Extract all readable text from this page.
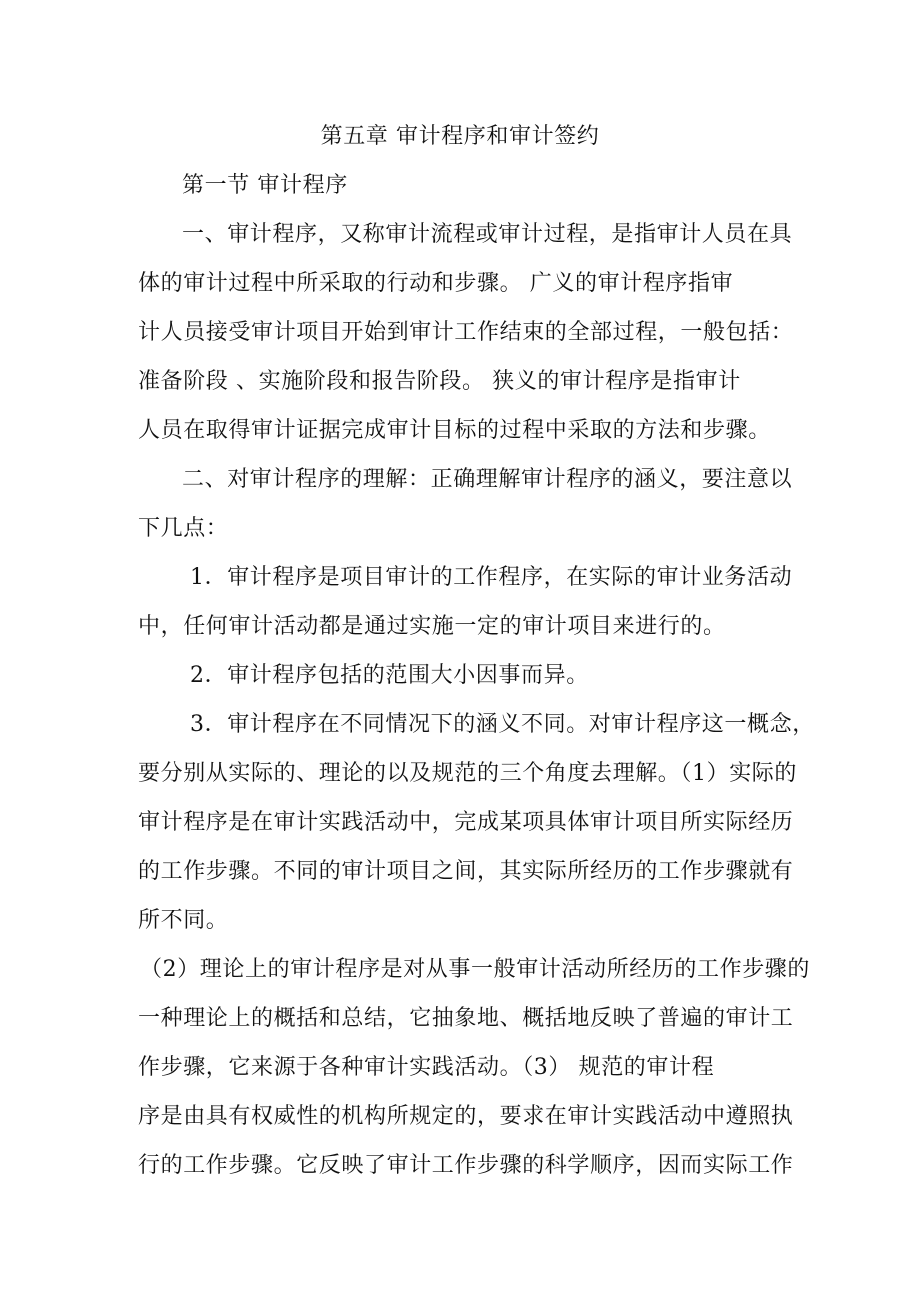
第五章 审计程序和审计签约
第一节 审计程序
一、审计程序，又称审计流程或审计过程，是指审计人员在具
体的审计过程中所采取的行动和步骤。 广义的审计程序指审
计人员接受审计项目开始到审计工作结束的全部过程，一般包括：
准备阶段 、实施阶段和报告阶段。 狭义的审计程序是指审计
人员在取得审计证据完成审计目标的过程中采取的方法和步骤。
二、对审计程序的理解：正确理解审计程序的涵义，要注意以
下几点：
1．审计程序是项目审计的工作程序，在实际的审计业务活动
中，任何审计活动都是通过实施一定的审计项目来进行的。
2．审计程序包括的范围大小因事而异。
3．审计程序在不同情况下的涵义不同。对审计程序这一概念，
要分别从实际的、理论的以及规范的三个角度去理解。（1）实际的
审计程序是在审计实践活动中，完成某项具体审计项目所实际经历
的工作步骤。不同的审计项目之间，其实际所经历的工作步骤就有
所不同。
（2）理论上的审计程序是对从事一般审计活动所经历的工作步骤的
一种理论上的概括和总结，它抽象地、概括地反映了普遍的审计工
作步骤，它来源于各种审计实践活动。（3） 规范的审计程
序是由具有权威性的机构所规定的，要求在审计实践活动中遵照执
行的工作步骤。它反映了审计工作步骤的科学顺序，因而实际工作
